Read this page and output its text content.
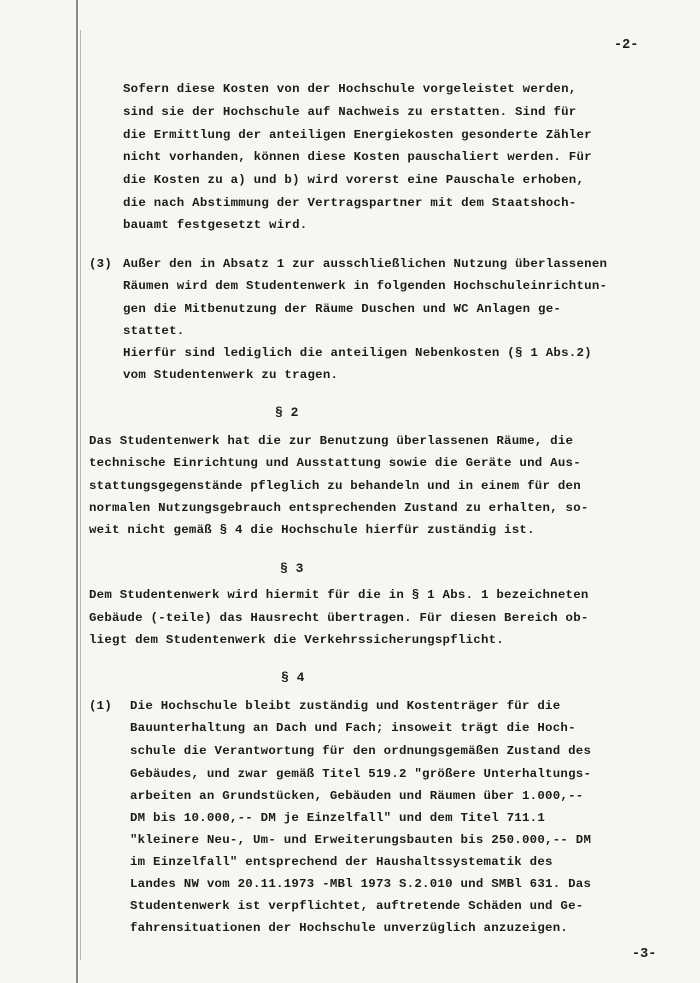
-2-
Sofern diese Kosten von der Hochschule vorgeleistet werden,
sind sie der Hochschule auf Nachweis zu erstatten. Sind für
die Ermittlung der anteiligen Energiekosten gesonderte Zähler
nicht vorhanden, können diese Kosten pauschaliert werden. Für
die Kosten zu a) und b) wird vorerst eine Pauschale erhoben,
die nach Abstimmung der Vertragspartner mit dem Staatshoch-
bauamt festgesetzt wird.
(3) Außer den in Absatz 1 zur ausschließlichen Nutzung überlassenen
Räumen wird dem Studentenwerk in folgenden Hochschuleinrichtun-
gen die Mitbenutzung der Räume Duschen und WC Anlagen ge-
stattet.
Hierfür sind lediglich die anteiligen Nebenkosten (§ 1 Abs.2)
vom Studentenwerk zu tragen.
§ 2
Das Studentenwerk hat die zur Benutzung überlassenen Räume, die
technische Einrichtung und Ausstattung sowie die Geräte und Aus-
stattungsgegenstände pfleglich zu behandeln und in einem für den
normalen Nutzungsgebrauch entsprechenden Zustand zu erhalten, so-
weit nicht gemäß § 4 die Hochschule hierfür zuständig ist.
§ 3
Dem Studentenwerk wird hiermit für die in § 1 Abs. 1 bezeichneten
Gebäude (-teile) das Hausrecht übertragen. Für diesen Bereich ob-
liegt dem Studentenwerk die Verkehrssicherungspflicht.
§ 4
(1) Die Hochschule bleibt zuständig und Kostenträger für die
Bauunterhaltung an Dach und Fach; insoweit trägt die Hoch-
schule die Verantwortung für den ordnungsgemäßen Zustand des
Gebäudes, und zwar gemäß Titel 519.2 "größere Unterhaltungs-
arbeiten an Grundstücken, Gebäuden und Räumen über 1.000,--
DM bis 10.000,-- DM je Einzelfall" und dem Titel 711.1
"kleinere Neu-, Um- und Erweiterungsbauten bis 250.000,-- DM
im Einzelfall" entsprechend der Haushaltssystematik des
Landes NW vom 20.11.1973 -MBl 1973 S.2.010 und SMBl 631. Das
Studentenwerk ist verpflichtet, auftretende Schäden und Ge-
fahrensituationen der Hochschule unverzüglich anzuzeigen.
-3-
